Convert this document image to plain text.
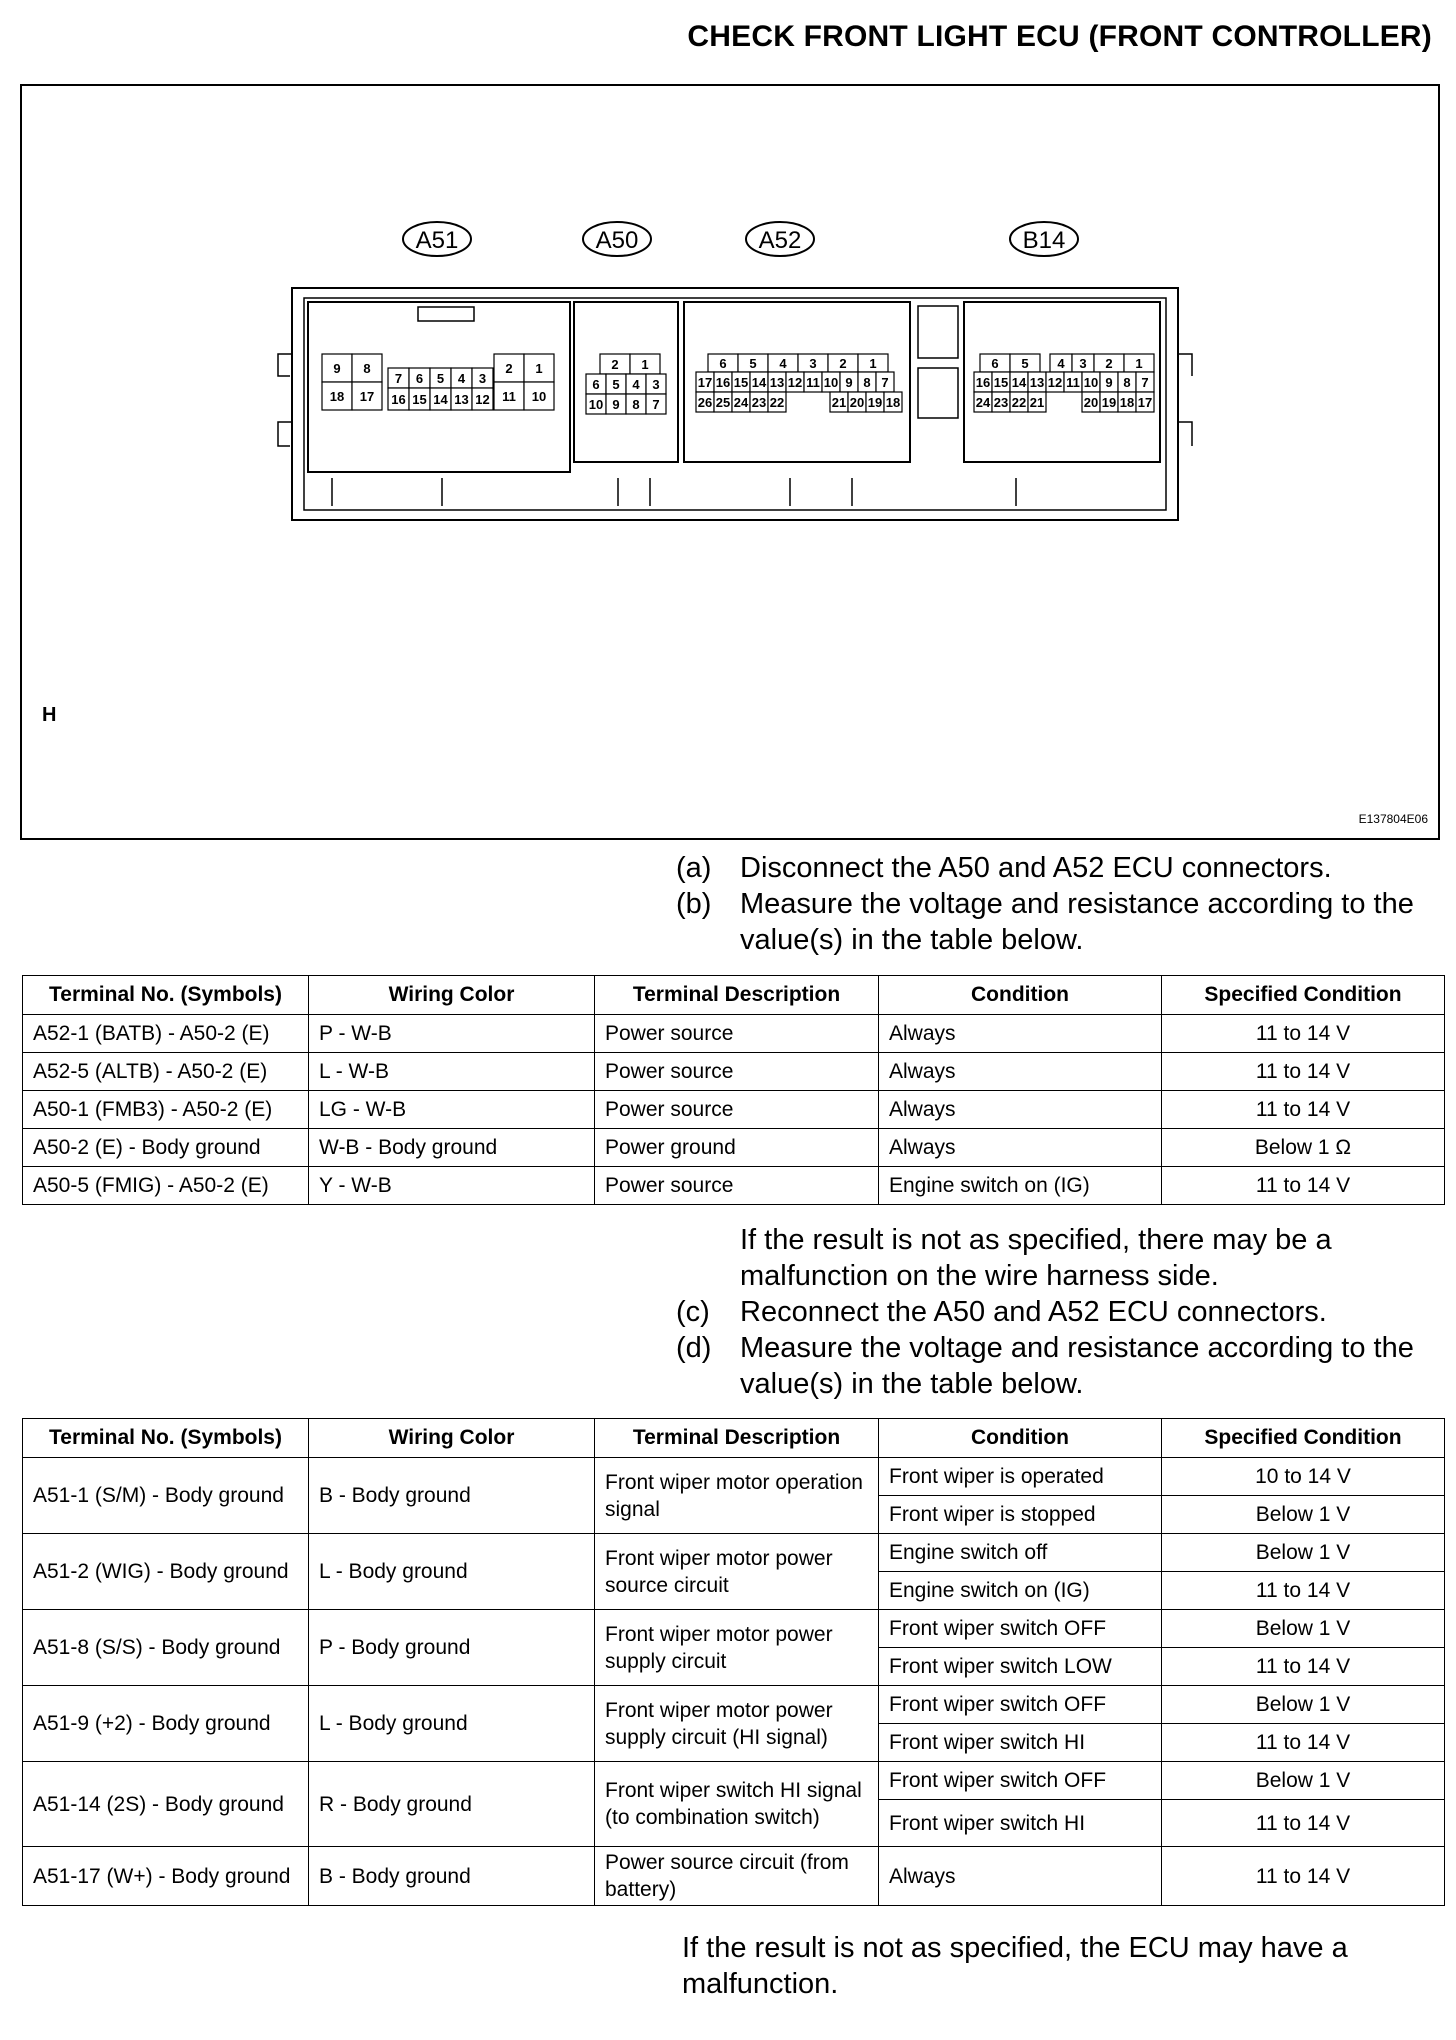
CHECK FRONT LIGHT ECU (FRONT CONTROLLER)
A51	A50	A52	B14
9 8
18 17
7 6 5 4 3
16 15 14 13 12
2 1
11 10
2 1
6 5 4 3
10 9 8 7
6 5 4 3 2 1
17 16 15 14 13 12 11 10 9 8 7
26 25 24 23 22	21 20 19 18
6 5 4 3 2 1
16 15 14 13 12 11 10 9 8 7
24 23 22 21	20 19 18 17
H
E137804E06
(a) Disconnect the A50 and A52 ECU connectors.
(b) Measure the voltage and resistance according to the value(s) in the table below.
Terminal No. (Symbols)	Wiring Color	Terminal Description	Condition	Specified Condition
A52-1 (BATB) - A50-2 (E)	P - W-B	Power source	Always	11 to 14 V
A52-5 (ALTB) - A50-2 (E)	L - W-B	Power source	Always	11 to 14 V
A50-1 (FMB3) - A50-2 (E)	LG - W-B	Power source	Always	11 to 14 V
A50-2 (E) - Body ground	W-B - Body ground	Power ground	Always	Below 1 Ω
A50-5 (FMIG) - A50-2 (E)	Y - W-B	Power source	Engine switch on (IG)	11 to 14 V
If the result is not as specified, there may be a malfunction on the wire harness side.
(c)	Reconnect the A50 and A52 ECU connectors.
(d) Measure the voltage and resistance according to the value(s) in the table below.
Terminal No. (Symbols)	Wiring Color	Terminal Description	Condition	Specified Condition
A51-1 (S/M) - Body ground	B - Body ground	Front wiper motor operation signal	Front wiper is operated	10 to 14 V
			Front wiper is stopped	Below 1 V
A51-2 (WIG) - Body ground	L - Body ground	Front wiper motor power source circuit	Engine switch off	Below 1 V
			Engine switch on (IG)	11 to 14 V
A51-8 (S/S) - Body ground	P - Body ground	Front wiper motor power supply circuit	Front wiper switch OFF	Below 1 V
			Front wiper switch LOW	11 to 14 V
A51-9 (+2) - Body ground	L - Body ground	Front wiper motor power supply circuit (HI signal)	Front wiper switch OFF	Below 1 V
			Front wiper switch HI	11 to 14 V
A51-14 (2S) - Body ground	R - Body ground	Front wiper switch HI signal (to combination switch)	Front wiper switch OFF	Below 1 V
			Front wiper switch HI	11 to 14 V
A51-17 (W+) - Body ground	B - Body ground	Power source circuit (from battery)	Always	11 to 14 V
If the result is not as specified, the ECU may have a malfunction.
